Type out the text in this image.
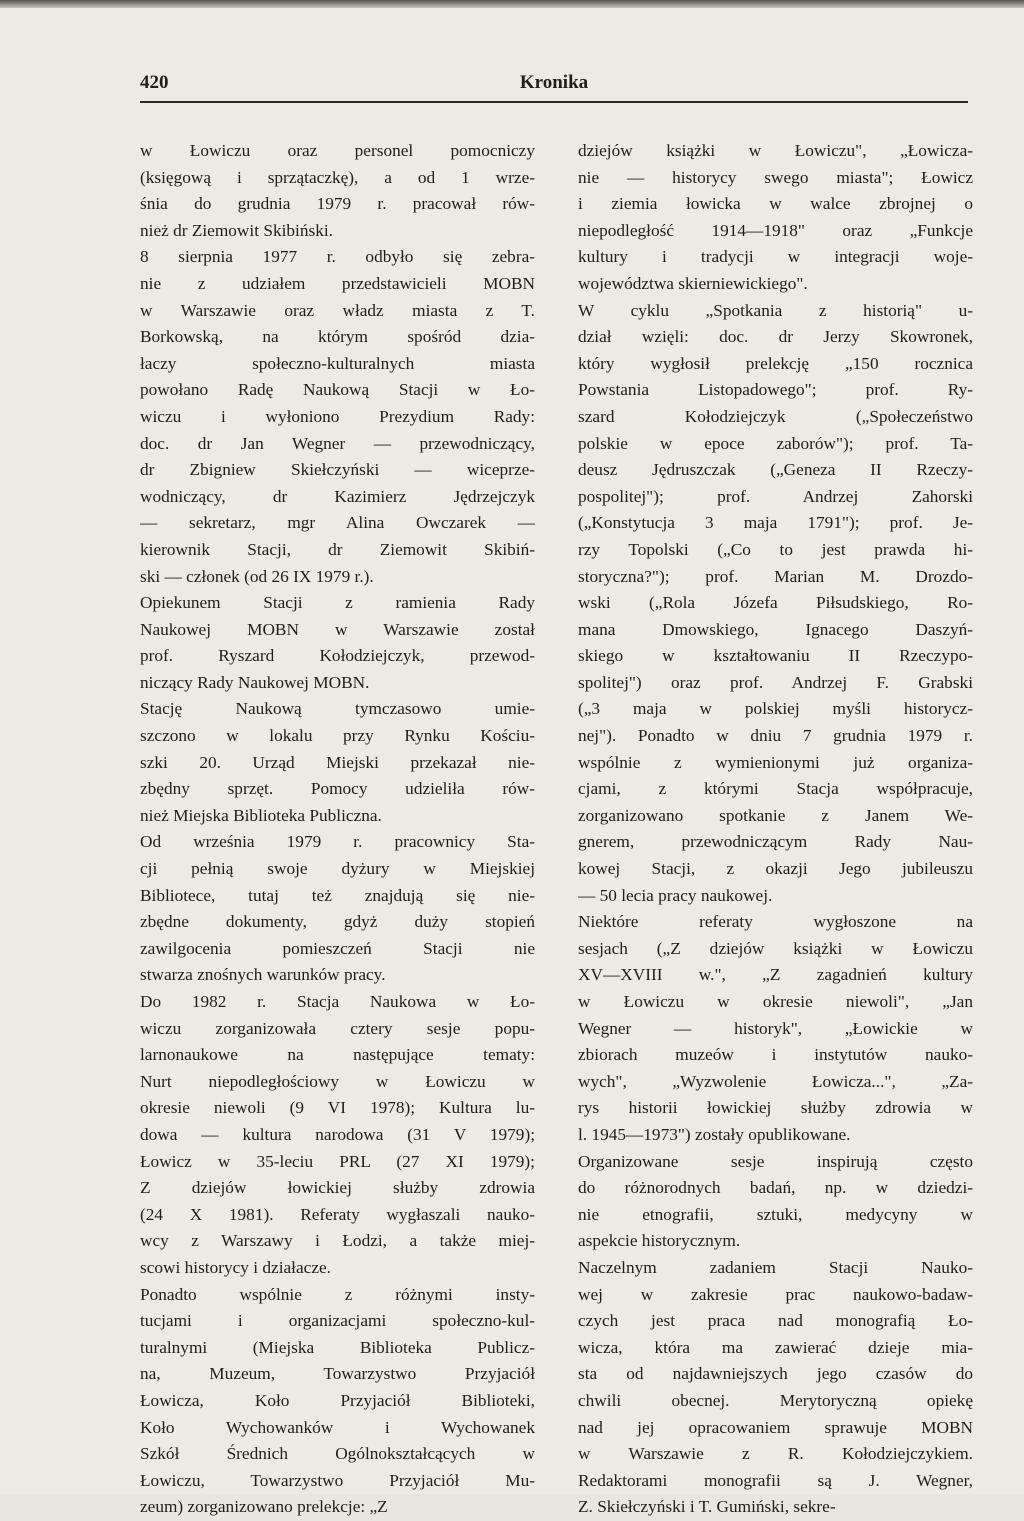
420	Kronika
w Łowiczu oraz personel pomocniczy
(księgową i sprzątaczkę), a od 1 wrze-
śnia do grudnia 1979 r. pracował rów-
nież dr Ziemowit Skibiński.
8 sierpnia 1977 r. odbyło się zebra-
nie z udziałem przedstawicieli MOBN
w Warszawie oraz władz miasta z T.
Borkowską, na którym spośród dzia-
łaczy społeczno-kulturalnych miasta
powołano Radę Naukową Stacji w Ło-
wiczu i wyłoniono Prezydium Rady:
doc. dr Jan Wegner — przewodniczący,
dr Zbigniew Skiełczyński — wiceprze-
wodniczący, dr Kazimierz Jędrzejczyk
— sekretarz, mgr Alina Owczarek —
kierownik Stacji, dr Ziemowit Skibiń-
ski — członek (od 26 IX 1979 r.).
Opiekunem Stacji z ramienia Rady
Naukowej MOBN w Warszawie został
prof. Ryszard Kołodziejczyk, przewod-
niczący Rady Naukowej MOBN.
Stację Naukową tymczasowo umie-
szczono w lokalu przy Rynku Kościu-
szki 20. Urząd Miejski przekazał nie-
zbędny sprzęt. Pomocy udzieliła rów-
nież Miejska Biblioteka Publiczna.
Od września 1979 r. pracownicy Sta-
cji pełnią swoje dyżury w Miejskiej
Bibliotece, tutaj też znajdują się nie-
zbędne dokumenty, gdyż duży stopień
zawilgocenia pomieszczeń Stacji nie
stwarza znośnych warunków pracy.
Do 1982 r. Stacja Naukowa w Ło-
wiczu zorganizowała cztery sesje popu-
larnonaukowe na następujące tematy:
Nurt niepodległościowy w Łowiczu w
okresie niewoli (9 VI 1978); Kultura lu-
dowa — kultura narodowa (31 V 1979);
Łowicz w 35-leciu PRL (27 XI 1979);
Z dziejów łowickiej służby zdrowia
(24 X 1981). Referaty wygłaszali nauko-
wcy z Warszawy i Łodzi, a także miej-
scowi historycy i działacze.
Ponadto wspólnie z różnymi insty-
tucjami i organizacjami społeczno-kul-
turalnymi (Miejska Biblioteka Publicz-
na, Muzeum, Towarzystwo Przyjaciół
Łowicza, Koło Przyjaciół Biblioteki,
Koło Wychowanków i Wychowanek
Szkół Średnich Ogólnokształcących w
Łowiczu, Towarzystwo Przyjaciół Mu-
zeum) zorganizowano prelekcje: „Z
dziejów książki w Łowiczu", „Łowicza-
nie — historycy swego miasta"; Łowicz
i ziemia łowicka w walce zbrojnej o
niepodległość 1914—1918" oraz „Funkcje
kultury i tradycji w integracji woje-
województwa skierniewickiego".
W cyklu „Spotkania z historią" u-
dział wzięli: doc. dr Jerzy Skowronek,
który wygłosił prelekcję „150 rocznica
Powstania Listopadowego"; prof. Ry-
szard Kołodziejczyk („Społeczeństwo
polskie w epoce zaborów"); prof. Ta-
deusz Jędruszczak („Geneza II Rzeczy-
pospolitej"); prof. Andrzej Zahorski
(„Konstytucja 3 maja 1791"); prof. Je-
rzy Topolski („Co to jest prawda hi-
storyczna?"); prof. Marian M. Drozdo-
wski („Rola Józefa Piłsudskiego, Ro-
mana Dmowskiego, Ignacego Daszyń-
skiego w kształtowaniu II Rzeczypo-
spolitej") oraz prof. Andrzej F. Grabski
(„3 maja w polskiej myśli historycz-
nej"). Ponadto w dniu 7 grudnia 1979 r.
wspólnie z wymienionymi już organiza-
cjami, z którymi Stacja współpracuje,
zorganizowano spotkanie z Janem We-
gnerem, przewodniczącym Rady Nau-
kowej Stacji, z okazji Jego jubileuszu
— 50 lecia pracy naukowej.
Niektóre referaty wygłoszone na
sesjach („Z dziejów książki w Łowiczu
XV—XVIII w.", „Z zagadnień kultury
w Łowiczu w okresie niewoli", „Jan
Wegner — historyk", „Łowickie w
zbiorach muzeów i instytutów nauko-
wych", „Wyzwolenie Łowicza...", „Za-
rys historii łowickiej służby zdrowia w
l. 1945—1973") zostały opublikowane.
Organizowane sesje inspirują często
do różnorodnych badań, np. w dziedzi-
nie etnografii, sztuki, medycyny w
aspekcie historycznym.
Naczelnym zadaniem Stacji Nauko-
wej w zakresie prac naukowo-badaw-
czych jest praca nad monografią Ło-
wicza, która ma zawierać dzieje mia-
sta od najdawniejszych jego czasów do
chwili obecnej. Merytoryczną opiekę
nad jej opracowaniem sprawuje MOBN
w Warszawie z R. Kołodziejczykiem.
Redaktorami monografii są J. Wegner,
Z. Skiełczyński i T. Gumiński, sekre-
